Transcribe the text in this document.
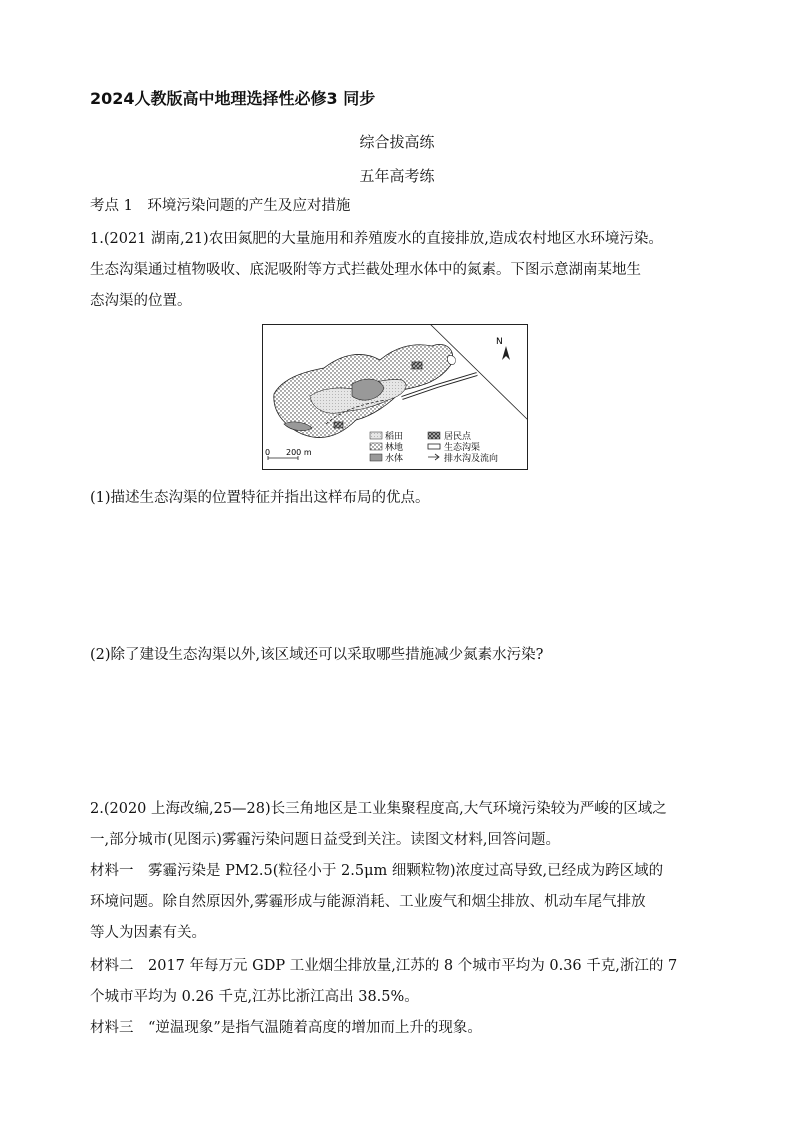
2024人教版高中地理选择性必修3 同步
综合拔高练
五年高考练
考点 1　环境污染问题的产生及应对措施
1.(2021 湖南,21)农田氮肥的大量施用和养殖废水的直接排放,造成农村地区水环境污染。
生态沟渠通过植物吸收、底泥吸附等方式拦截处理水体中的氮素。下图示意湖南某地生
态沟渠的位置。
N
0 200 m
稻田
林地
水体
居民点
生态沟渠
排水沟及流向
(1)描述生态沟渠的位置特征并指出这样布局的优点。
(2)除了建设生态沟渠以外,该区域还可以采取哪些措施减少氮素水污染?
2.(2020 上海改编,25—28)长三角地区是工业集聚程度高,大气环境污染较为严峻的区域之
一,部分城市(见图示)雾霾污染问题日益受到关注。读图文材料,回答问题。
材料一　雾霾污染是 PM2.5(粒径小于 2.5μm 细颗粒物)浓度过高导致,已经成为跨区域的
环境问题。除自然原因外,雾霾形成与能源消耗、工业废气和烟尘排放、机动车尾气排放
等人为因素有关。
材料二　2017 年每万元 GDP 工业烟尘排放量,江苏的 8 个城市平均为 0.36 千克,浙江的 7
个城市平均为 0.26 千克,江苏比浙江高出 38.5%。
材料三　“逆温现象”是指气温随着高度的增加而上升的现象。
